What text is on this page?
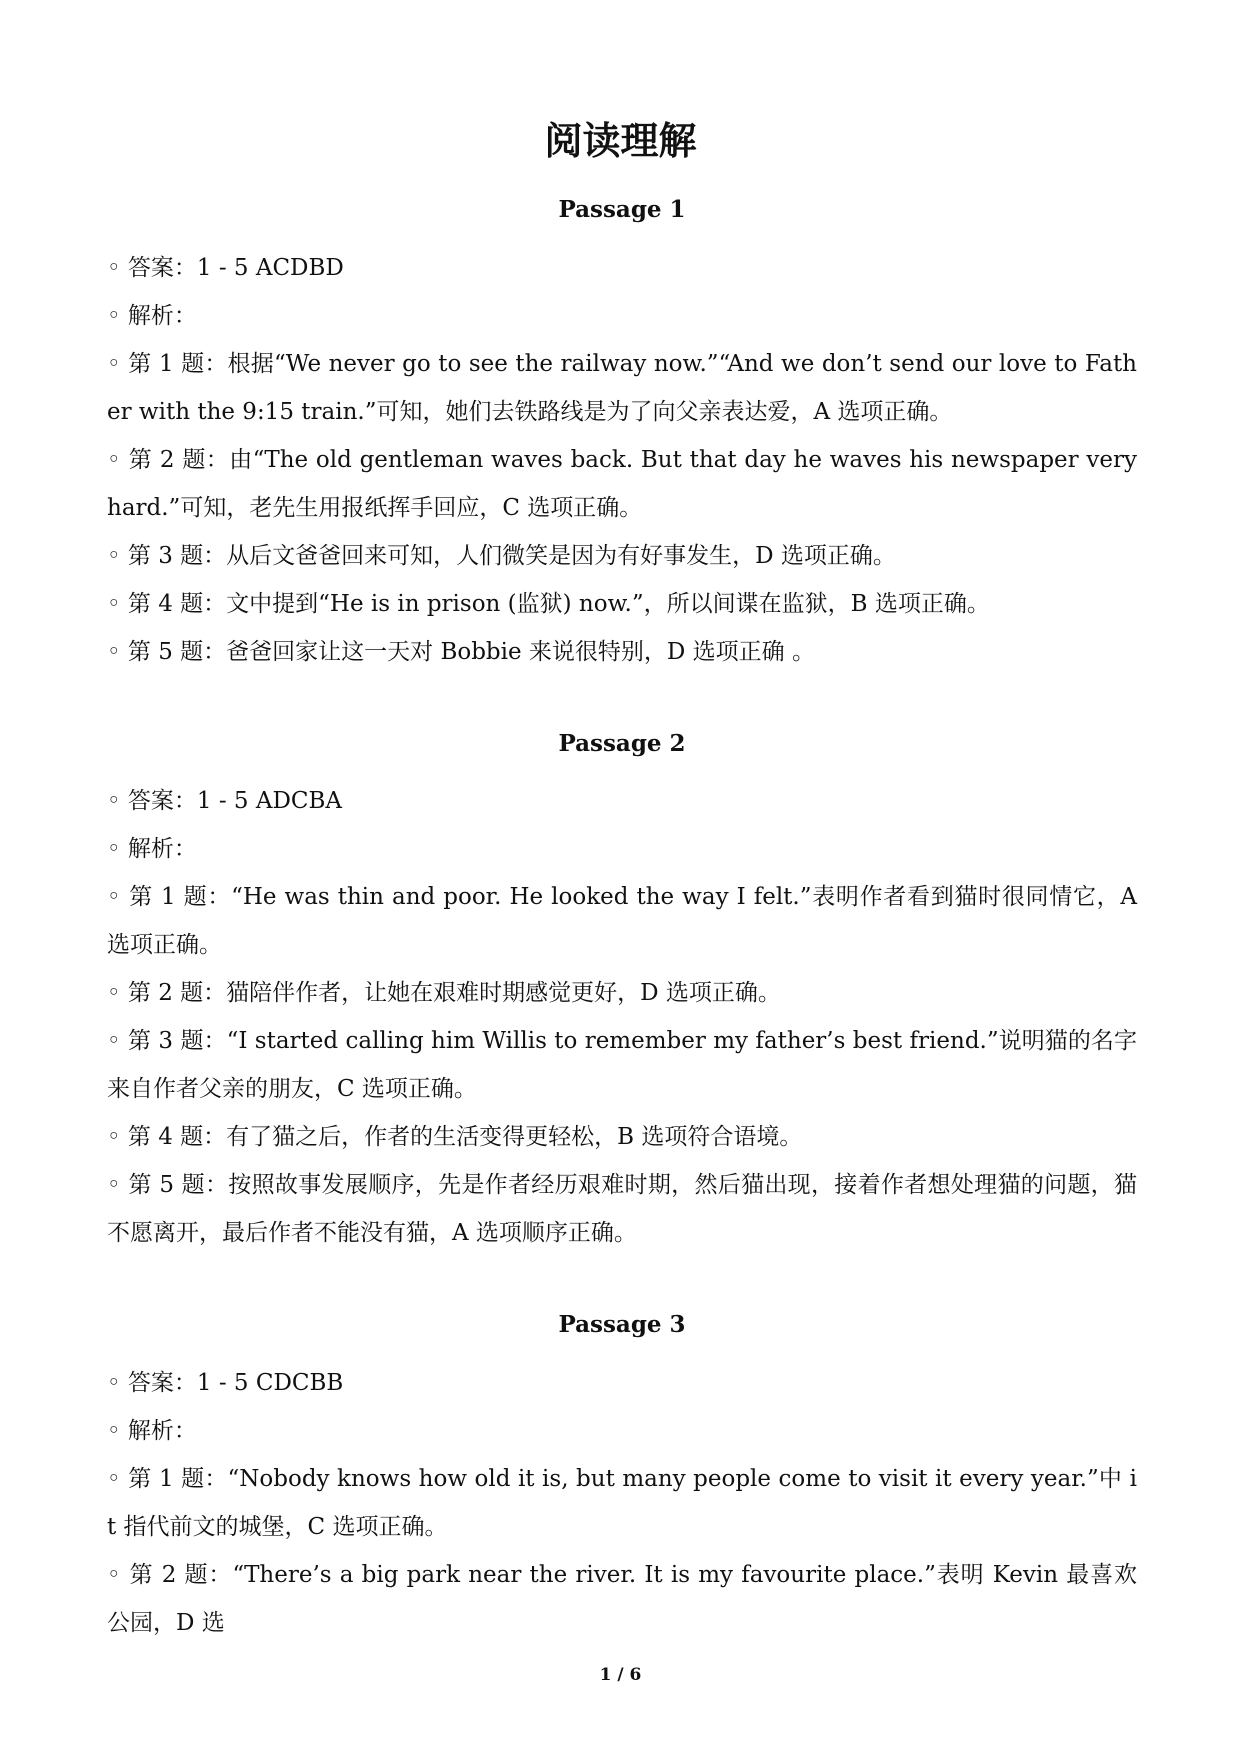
阅读理解
Passage 1

◦ 答案：1 - 5 ACDBD

◦ 解析：

◦ 第 1 题：根据“We never go to see the railway now.”“And we don’t send our love to Father with the 9:15 train.”可知，她们去铁路线是为了向父亲表达爱，A 选项正确。

◦ 第 2 题：由“The old gentleman waves back. But that day he waves his newspaper very hard.”可知，老先生用报纸挥手回应，C 选项正确。

◦ 第 3 题：从后文爸爸回来可知，人们微笑是因为有好事发生，D 选项正确。

◦ 第 4 题：文中提到“He is in prison (监狱) now.”，所以间谍在监狱，B 选项正确。

◦ 第 5 题：爸爸回家让这一天对 Bobbie 来说很特别，D 选项正确 。

Passage 2

◦ 答案：1 - 5 ADCBA

◦ 解析：

◦ 第 1 题：“He was thin and poor. He looked the way I felt.”表明作者看到猫时很同情它，A 选项正确。

◦ 第 2 题：猫陪伴作者，让她在艰难时期感觉更好，D 选项正确。

◦ 第 3 题：“I started calling him Willis to remember my father’s best friend.”说明猫的名字来自作者父亲的朋友，C 选项正确。

◦ 第 4 题：有了猫之后，作者的生活变得更轻松，B 选项符合语境。

◦ 第 5 题：按照故事发展顺序，先是作者经历艰难时期，然后猫出现，接着作者想处理猫的问题，猫不愿离开，最后作者不能没有猫，A 选项顺序正确。

Passage 3

◦ 答案：1 - 5 CDCBB

◦ 解析：

◦ 第 1 题：“Nobody knows how old it is, but many people come to visit it every year.”中 it 指代前文的城堡，C 选项正确。

◦ 第 2 题：“There’s a big park near the river. It is my favourite place.”表明 Kevin 最喜欢公园，D 选

1 / 6
